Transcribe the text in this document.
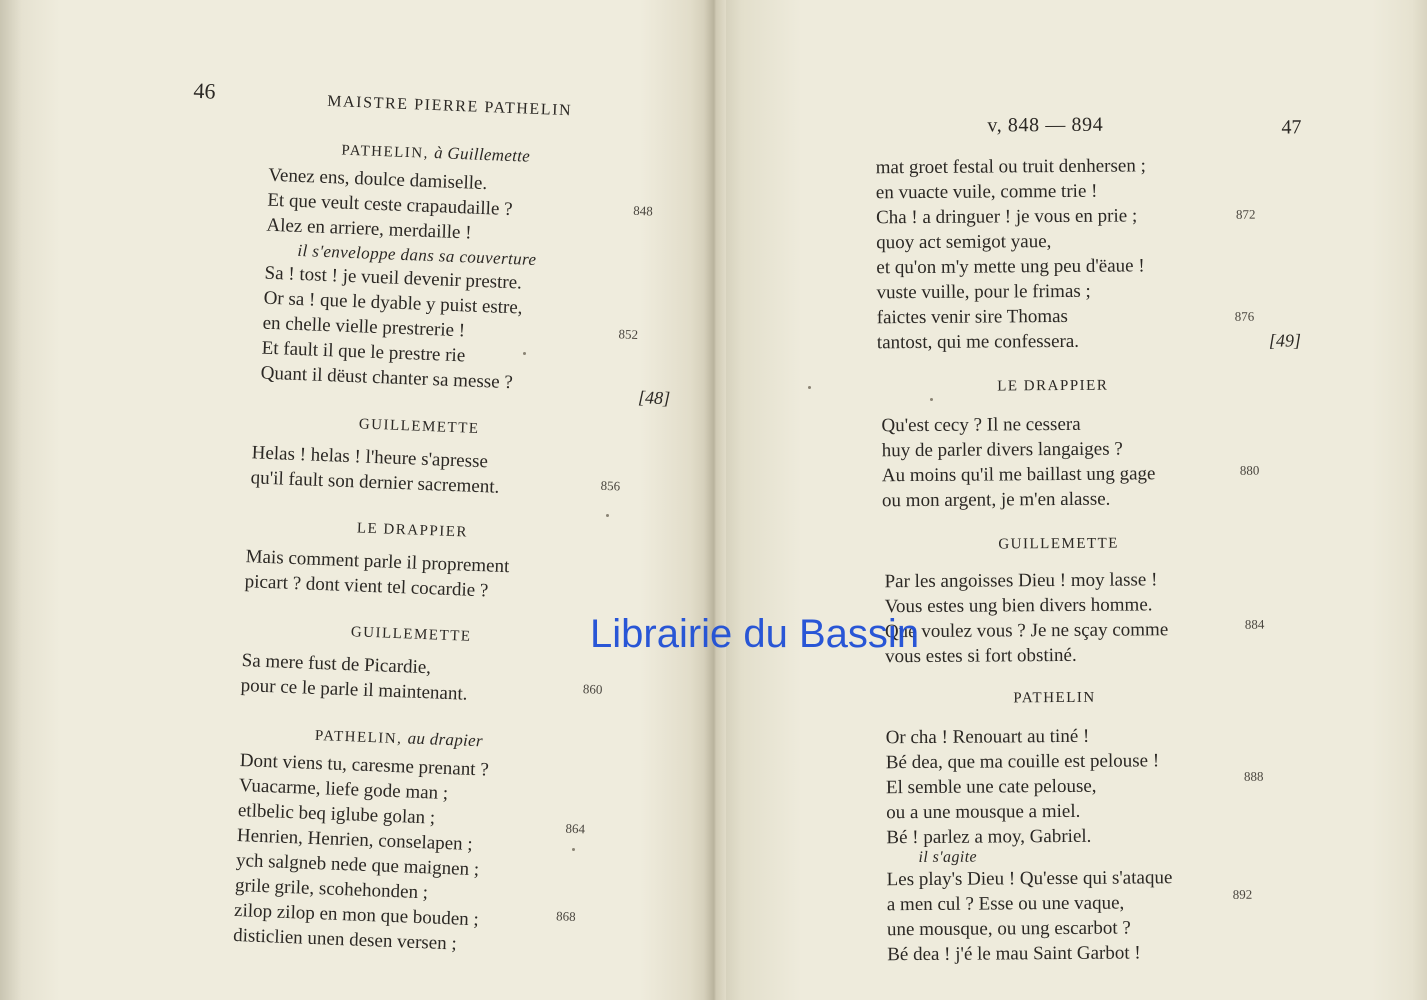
46
MAISTRE PIERRE PATHELIN
PATHELIN, à Guillemette
Venez ens, doulce damiselle.
Et que veult ceste crapaudaille ?
Alez en arriere, merdaille !
il s'enveloppe dans sa couverture
Sa ! tost ! je vueil devenir prestre.
Or sa ! que le dyable y puist estre,
en chelle vielle prestrerie !
Et fault il que le prestre rie
Quant il dëust chanter sa messe ?
GUILLEMETTE
Helas ! helas ! l'heure s'apresse
qu'il fault son dernier sacrement.
LE DRAPPIER
Mais comment parle il proprement
picart ? dont vient tel cocardie ?
GUILLEMETTE
Sa mere fust de Picardie,
pour ce le parle il maintenant.
PATHELIN, au drapier
Dont viens tu, caresme prenant ?
Vuacarme, liefe gode man ;
etlbelic beq iglube golan ;
Henrien, Henrien, conselapen ;
ych salgneb nede que maignen ;
grile grile, scohehonden ;
zilop zilop en mon que bouden ;
disticlien unen desen versen ;
848
852
856
860
864
868
[48]
47
v, 848 — 894
mat groet festal ou truit denhersen ;
en vuacte vuile, comme trie !
Cha ! a dringuer ! je vous en prie ;
quoy act semigot yaue,
et qu'on m'y mette ung peu d'ëaue !
vuste vuille, pour le frimas ;
faictes venir sire Thomas
tantost, qui me confessera.
LE DRAPPIER
Qu'est cecy ? Il ne cessera
huy de parler divers langaiges ?
Au moins qu'il me baillast ung gage
ou mon argent, je m'en alasse.
GUILLEMETTE
Par les angoisses Dieu ! moy lasse !
Vous estes ung bien divers homme.
Que voulez vous ? Je ne sçay comme
vous estes si fort obstiné.
PATHELIN
Or cha ! Renouart au tiné !
Bé dea, que ma couille est pelouse !
El semble une cate pelouse,
ou a une mousque a miel.
Bé ! parlez a moy, Gabriel.
il s'agite
Les play's Dieu ! Qu'esse qui s'ataque
a men cul ? Esse ou une vaque,
une mousque, ou ung escarbot ?
Bé dea ! j'é le mau Saint Garbot !
872
876
880
884
888
892
[49]
Librairie du Bassin
